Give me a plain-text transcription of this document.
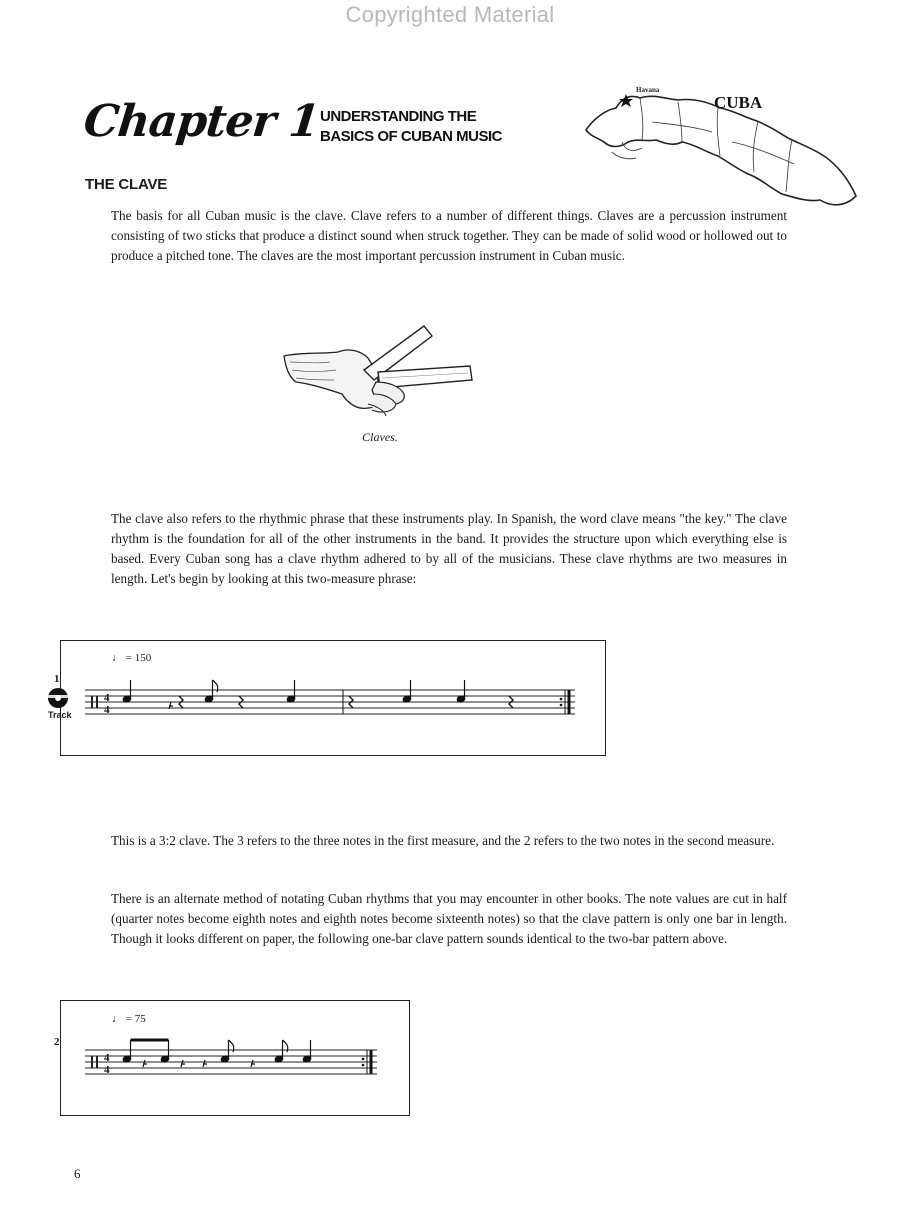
Copyrighted Material
Chapter 1
UNDERSTANDING THE
BASICS OF CUBAN MUSIC
Havana
CUBA
THE CLAVE

The basis for all Cuban music is the clave. Clave refers to a number of different things. Claves are a percussion instrument consisting of two sticks that produce a distinct sound when struck together. They can be made of solid wood or hollowed out to produce a pitched tone. The claves are the most important percussion instrument in Cuban music.

Claves.

The clave also refers to the rhythmic phrase that these instruments play. In Spanish, the word clave means "the key." The clave rhythm is the foundation for all of the other instruments in the band. It provides the structure upon which everything else is based. Every Cuban song has a clave rhythm adhered to by all of the musicians. These clave rhythms are two measures in length. Let's begin by looking at this two-measure phrase:

♩ = 150
1
Track
4
4

This is a 3:2 clave. The 3 refers to the three notes in the first measure, and the 2 refers to the two notes in the second measure.

There is an alternate method of notating Cuban rhythms that you may encounter in other books. The note values are cut in half (quarter notes become eighth notes and eighth notes become sixteenth notes) so that the clave pattern is only one bar in length. Though it looks different on paper, the following one-bar clave pattern sounds identical to the two-bar pattern above.

♩ = 75
2
4
4
6
